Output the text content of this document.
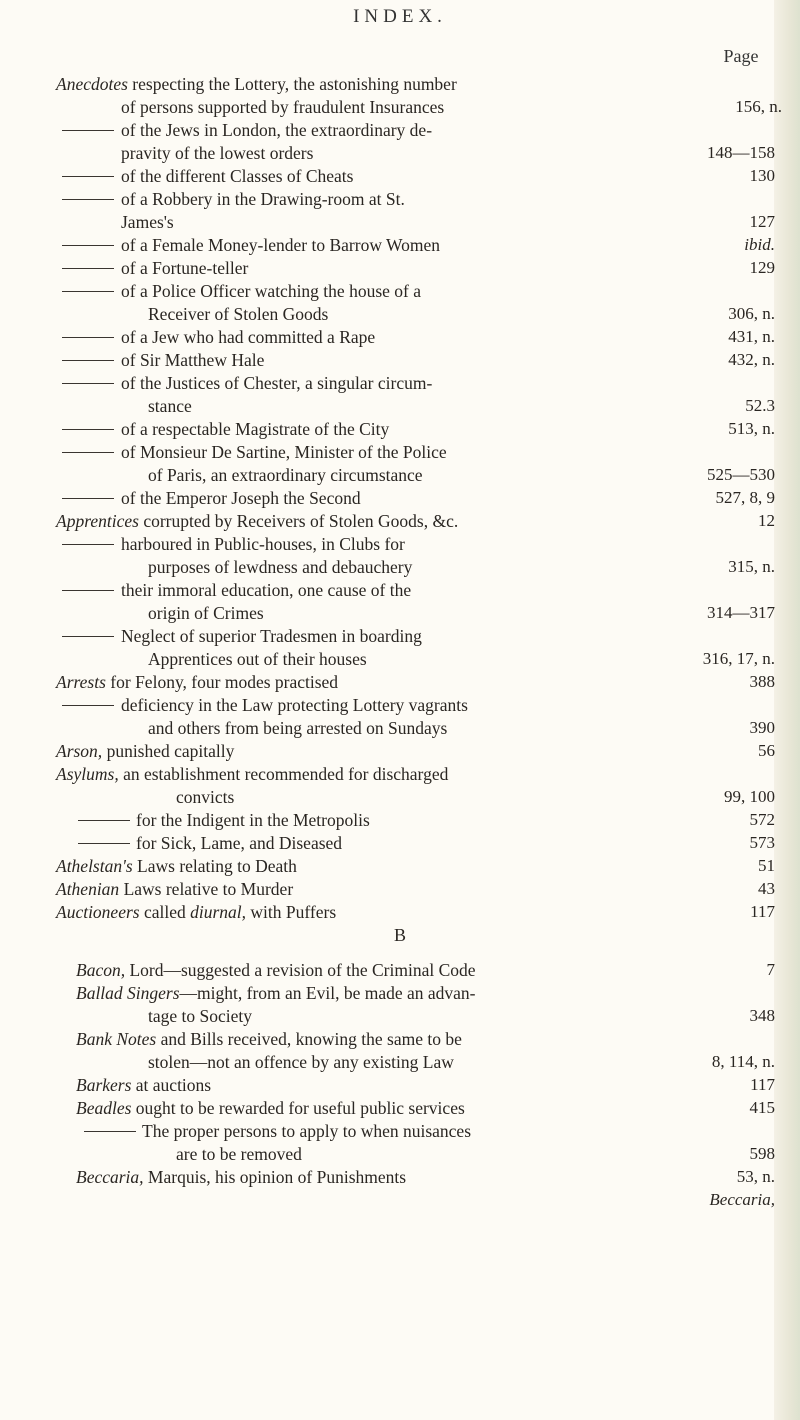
INDEX.
Page
Anecdotes respecting the Lottery, the astonishing number
of persons supported by fraudulent Insurances	156, n.
of the Jews in London, the extraordinary de-
pravity of the lowest orders	148—158
of the different Classes of Cheats	130
of a Robbery in the Drawing-room at St.
James's	127
of a Female Money-lender to Barrow Women	ibid.
of a Fortune-teller	129
of a Police Officer watching the house of a
Receiver of Stolen Goods	306, n.
of a Jew who had committed a Rape	431, n.
of Sir Matthew Hale	432, n.
of the Justices of Chester, a singular circum-
stance	52.3
of a respectable Magistrate of the City	513, n.
of Monsieur De Sartine, Minister of the Police
of Paris, an extraordinary circumstance	525—530
of the Emperor Joseph the Second	527, 8, 9
Apprentices corrupted by Receivers of Stolen Goods, &c.	12
harboured in Public-houses, in Clubs for
purposes of lewdness and debauchery	315, n.
their immoral education, one cause of the
origin of Crimes	314—317
Neglect of superior Tradesmen in boarding
Apprentices out of their houses	316, 17, n.
Arrests for Felony, four modes practised	388
deficiency in the Law protecting Lottery vagrants
and others from being arrested on Sundays	390
Arson, punished capitally	56
Asylums, an establishment recommended for discharged
convicts	99, 100
for the Indigent in the Metropolis	572
for Sick, Lame, and Diseased	573
Athelstan's Laws relating to Death	51
Athenian Laws relative to Murder	43
Auctioneers called diurnal, with Puffers	117
B
Bacon, Lord—suggested a revision of the Criminal Code	7
Ballad Singers—might, from an Evil, be made an advan-
tage to Society	348
Bank Notes and Bills received, knowing the same to be
stolen—not an offence by any existing Law	8, 114, n.
Barkers at auctions	117
Beadles ought to be rewarded for useful public services	415
The proper persons to apply to when nuisances
are to be removed	598
Beccaria, Marquis, his opinion of Punishments	53, n.
Beccaria,
